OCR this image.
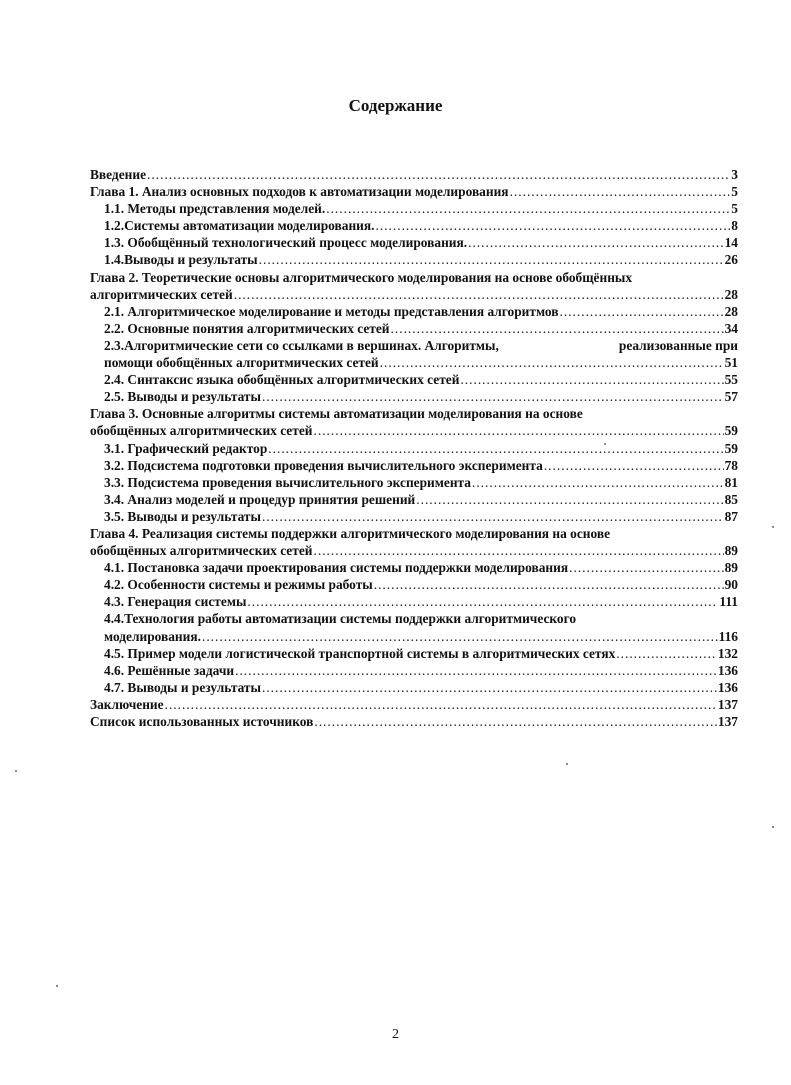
Содержание
Введение .....	3
Глава 1. Анализ основных подходов к автоматизации моделирования .....	5
1.1. Методы представления моделей. .....	5
1.2.Системы автоматизации моделирования. .....	8
1.3. Обобщённый технологический процесс моделирования. .....	14
1.4.Выводы и результаты .....	26
Глава 2. Теоретические основы алгоритмического моделирования на основе обобщённых
алгоритмических сетей .....	28
2.1. Алгоритмическое моделирование и методы представления алгоритмов .....	28
2.2. Основные понятия алгоритмических сетей .....	34
2.3.Алгоритмические сети со ссылками в вершинах. Алгоритмы,	реализованные при
помощи обобщённых алгоритмических сетей .....	51
2.4. Синтаксис языка обобщённых алгоритмических сетей .....	55
2.5. Выводы и результаты .....	57
Глава 3. Основные алгоритмы системы автоматизации моделирования на основе
обобщённых алгоритмических сетей .....	59
3.1. Графический редактор .....	59
3.2. Подсистема подготовки проведения вычислительного эксперимента .....	78
3.3. Подсистема проведения вычислительного эксперимента .....	81
3.4. Анализ моделей и процедур принятия решений .....	85
3.5. Выводы и результаты .....	87
Глава 4. Реализация системы поддержки алгоритмического моделирования на основе
обобщённых алгоритмических сетей .....	89
4.1. Постановка задачи проектирования системы поддержки моделирования .....	89
4.2. Особенности системы и режимы работы .....	90
4.3. Генерация системы .....	111
4.4.Технология работы автоматизации системы поддержки алгоритмического
моделирования. .....	116
4.5. Пример модели логистической транспортной системы в алгоритмических сетях .....	132
4.6. Решённые задачи .....	136
4.7. Выводы и результаты .....	136
Заключение .....	137
Список использованных источников .....	137
2
